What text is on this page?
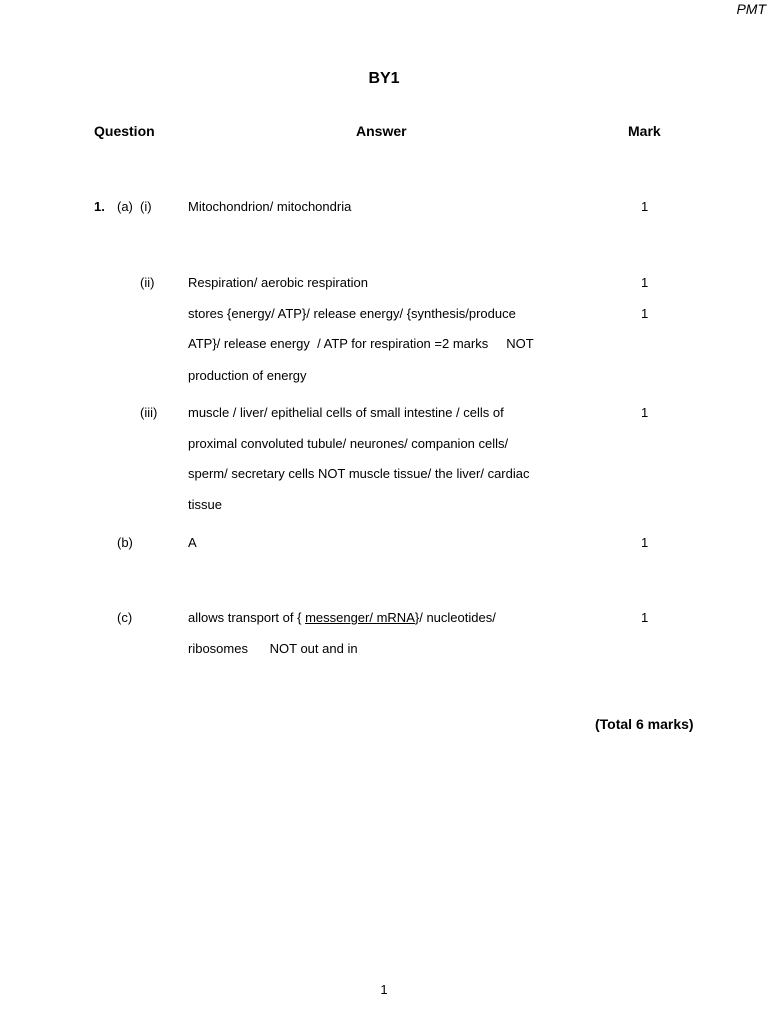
PMT
BY1
Question	Answer	Mark
1. (a) (i)	Mitochondrion/ mitochondria	1
(ii)	Respiration/ aerobic respiration	1
stores {energy/ ATP}/ release energy/ {synthesis/produce	1
ATP}/ release energy  / ATP for respiration =2 marks     NOT
production of energy
(iii) muscle / liver/ epithelial cells of small intestine / cells of	1
proximal convoluted tubule/ neurones/ companion cells/
sperm/ secretary cells NOT muscle tissue/ the liver/ cardiac
tissue
(b)	A	1
(c)	allows transport of { messenger/ mRNA}/ nucleotides/	1
ribosomes      NOT out and in
(Total 6 marks)
1
